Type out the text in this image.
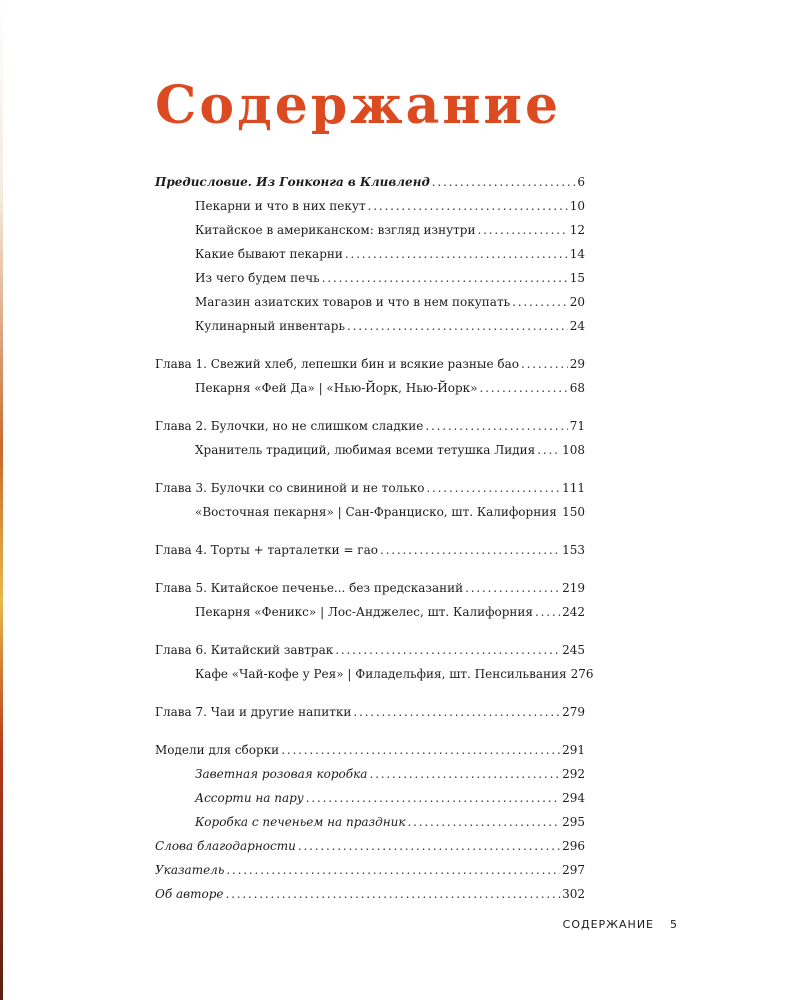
Содержание
Предисловие. Из Гонконга в Кливленд . . .	6
Пекарни и что в них пекут . . .	10
Китайское в американском: взгляд изнутри . . .	12
Какие бывают пекарни . . .	14
Из чего будем печь . . .	15
Магазин азиатских товаров и что в нем покупать . . .	20
Кулинарный инвентарь . . .	24
Глава 1. Свежий хлеб, лепешки бин и всякие разные бао . . .	29
Пекарня «Фей Да» | «Нью-Йорк, Нью-Йорк» . . .	68
Глава 2. Булочки, но не слишком сладкие . . .	71
Хранитель традиций, любимая всеми тетушка Лидия . . . 108
Глава 3. Булочки со свининой и не только . . .	111
«Восточная пекарня» | Сан-Франциско, шт. Калифорния . . . 150
Глава 4. Торты + тарталетки = гао . . .	153
Глава 5. Китайское печенье... без предсказаний . . .	219
Пекарня «Феникс» | Лос-Анджелес, шт. Калифорния . . . 242
Глава 6. Китайский завтрак . . .	245
Кафе «Чай-кофе у Рея» | Филадельфия, шт. Пенсильвания 276
Глава 7. Чаи и другие напитки . . .	279
Модели для сборки . . .	291
Заветная розовая коробка . . .	292
Ассорти на пару . . .	294
Коробка с печеньем на праздник . . .	295
Слова благодарности . . .	296
Указатель . . .	297
Об авторе . . .	302
СОДЕРЖАНИЕ 5
